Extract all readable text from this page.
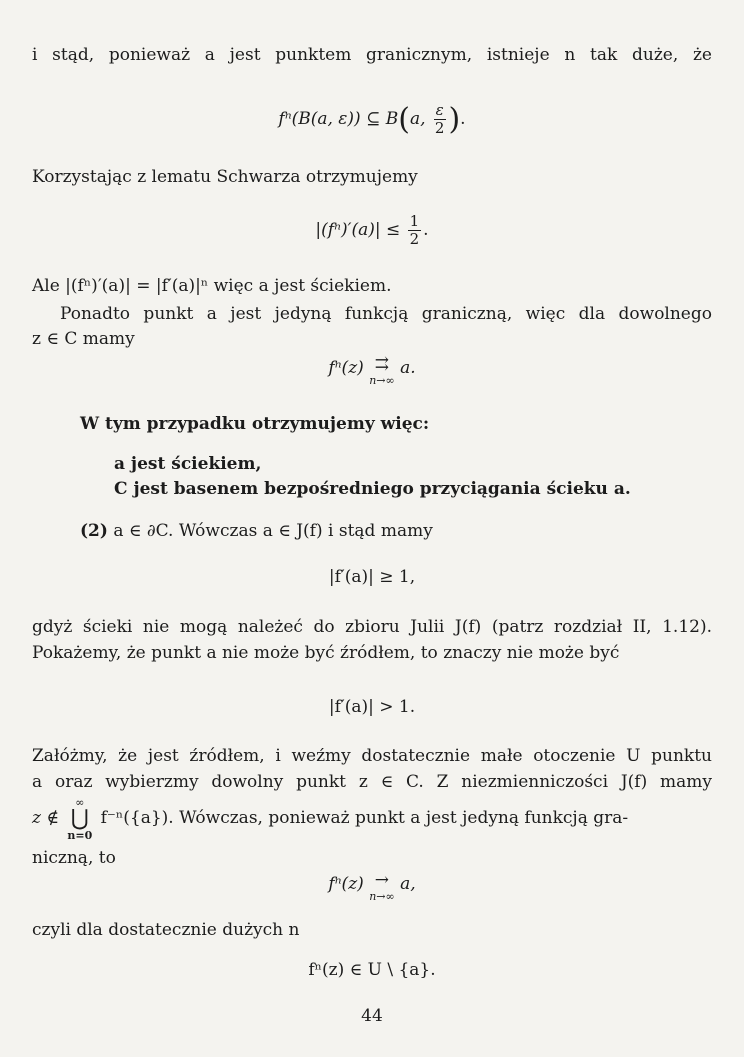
i stąd, ponieważ a jest punktem granicznym, istnieje n tak duże, że
fⁿ(B(a, ε)) ⊆ B(a, $\frac{\varepsilon}{2}$ ).
Korzystając z lematu Schwarza otrzymujemy
$|(f^n)'(a)| \le \frac{1}{2}$ .
Ale |(fⁿ)′(a)| = |f′(a)|ⁿ więc a jest ściekiem.
Ponadto punkt a jest jedyną funkcją graniczną, więc dla dowolnego
z ∈ C mamy
fⁿ(z) ⇉
n→∞
a.
W tym przypadku otrzymujemy więc:
a jest ściekiem,
C jest basenem bezpośredniego przyciągania ścieku a.
(2) a ∈ ∂C. Wówczas a ∈ J(f) i stąd mamy
|f′(a)| ≥ 1,
gdyż ścieki nie mogą należeć do zbioru Julii J(f) (patrz rozdział II, 1.12).
Pokażemy, że punkt a nie może być źródłem, to znaczy nie może być
|f′(a)| > 1.
Załóżmy, że jest źródłem, i weźmy dostatecznie małe otoczenie U punktu
a oraz wybierzmy dowolny punkt z ∈ C. Z niezmienniczości J(f) mamy
z ∉
∞
⋃
n=0
f⁻ⁿ({a}). Wówczas, ponieważ punkt a jest jedyną funkcją gra-
niczną, to
fⁿ(z) →
n→∞
a,
czyli dla dostatecznie dużych n
fⁿ(z) ∈ U \ {a}.
44
